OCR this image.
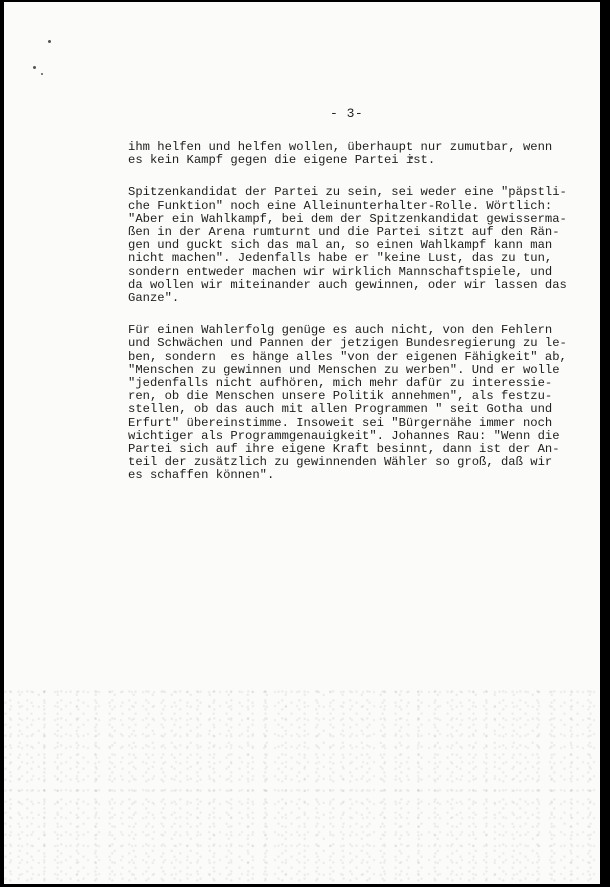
- 3-
ihm helfen und helfen wollen, überhaupt nur zumutbar, wenn
es kein Kampf gegen die eigene Partei ist.
Spitzenkandidat der Partei zu sein, sei weder eine "päpstli-
che Funktion" noch eine Alleinunterhalter-Rolle. Wörtlich:
"Aber ein Wahlkampf, bei dem der Spitzenkandidat gewisserma-
ßen in der Arena rumturnt und die Partei sitzt auf den Rän-
gen und guckt sich das mal an, so einen Wahlkampf kann man
nicht machen". Jedenfalls habe er "keine Lust, das zu tun,
sondern entweder machen wir wirklich Mannschaftspiele, und
da wollen wir miteinander auch gewinnen, oder wir lassen das
Ganze".
Für einen Wahlerfolg genüge es auch nicht, von den Fehlern
und Schwächen und Pannen der jetzigen Bundesregierung zu le-
ben, sondern  es hänge alles "von der eigenen Fähigkeit" ab,
"Menschen zu gewinnen und Menschen zu werben". Und er wolle
"jedenfalls nicht aufhören, mich mehr dafür zu interessie-
ren, ob die Menschen unsere Politik annehmen", als festzu-
stellen, ob das auch mit allen Programmen " seit Gotha und
Erfurt" übereinstimme. Insoweit sei "Bürgernähe immer noch
wichtiger als Programmgenauigkeit". Johannes Rau: "Wenn die
Partei sich auf ihre eigene Kraft besinnt, dann ist der An-
teil der zusätzlich zu gewinnenden Wähler so groß, daß wir
es schaffen können".
